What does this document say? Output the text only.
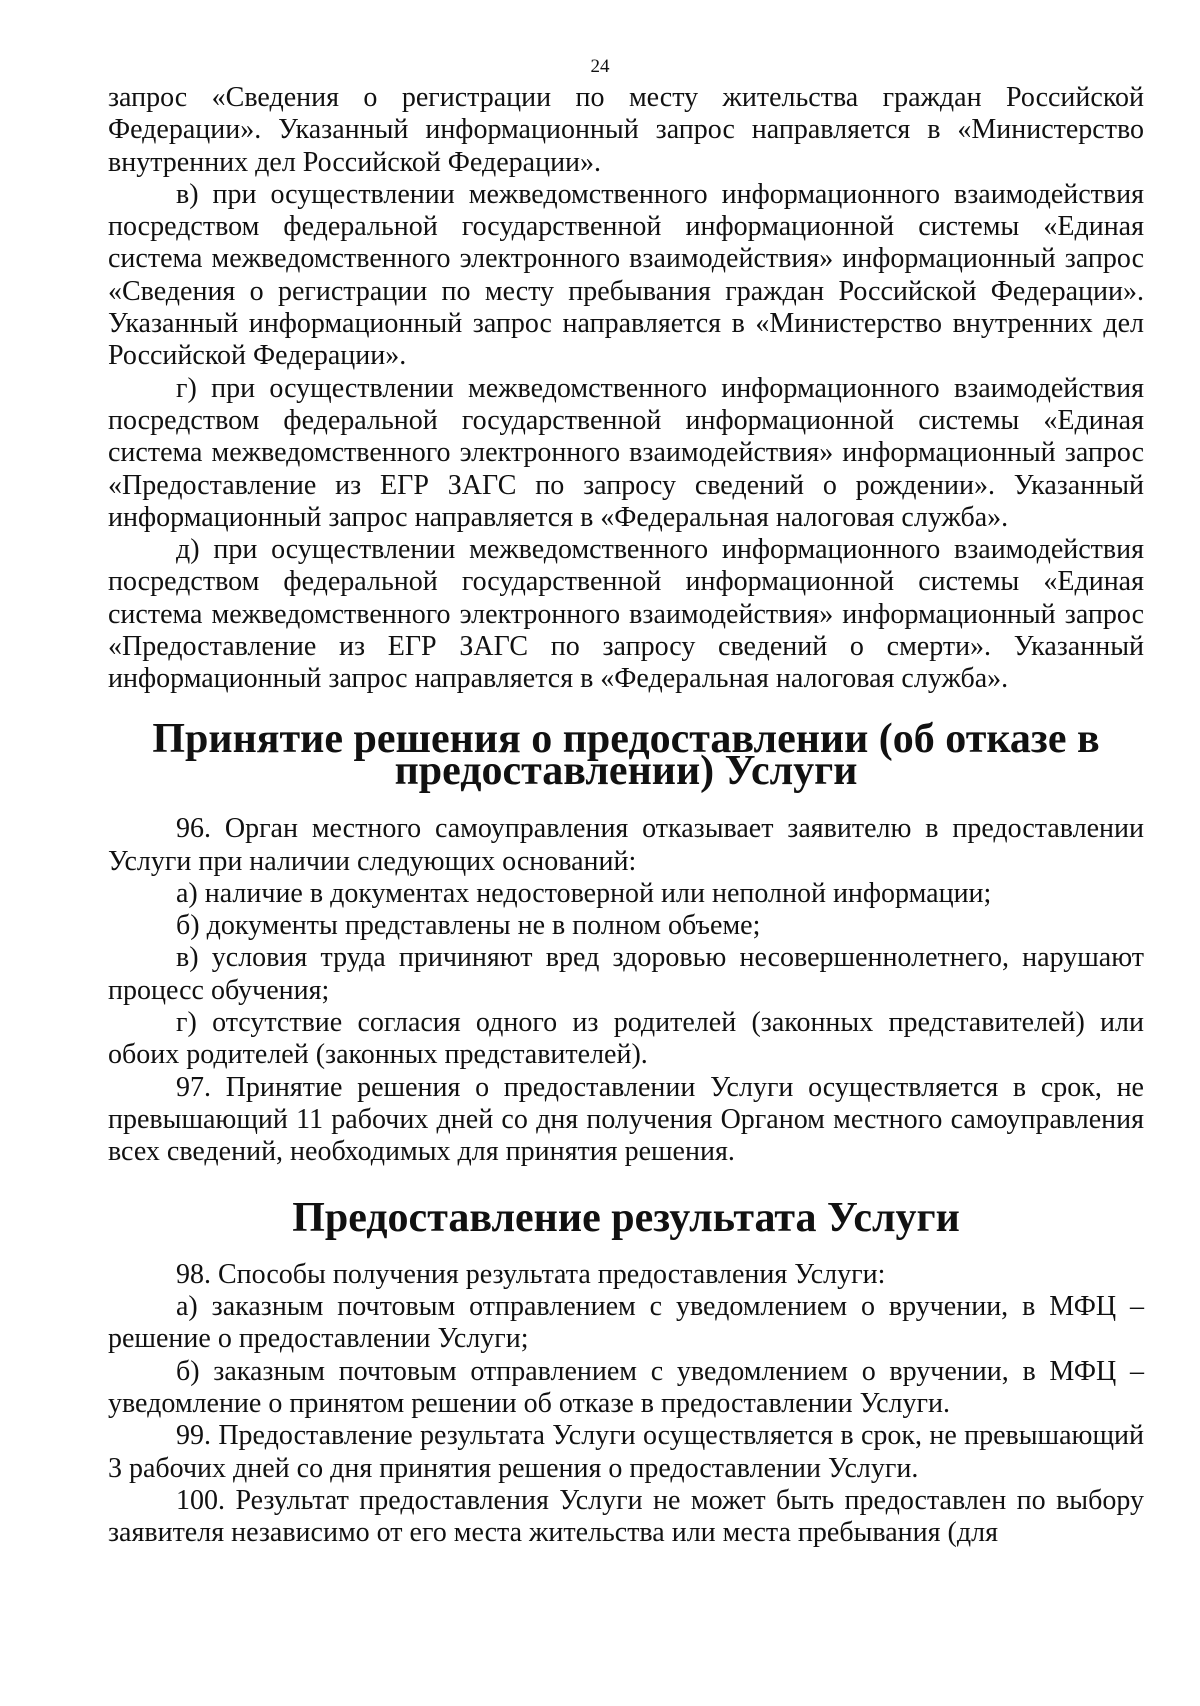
24

запрос «Сведения о регистрации по месту жительства граждан Российской Федерации». Указанный информационный запрос направляется в «Министерство внутренних дел Российской Федерации».

в) при осуществлении межведомственного информационного взаимодействия посредством федеральной государственной информационной системы «Единая система межведомственного электронного взаимодействия» информационный запрос «Сведения о регистрации по месту пребывания граждан Российской Федерации». Указанный информационный запрос направляется в «Министерство внутренних дел Российской Федерации».

г) при осуществлении межведомственного информационного взаимодействия посредством федеральной государственной информационной системы «Единая система межведомственного электронного взаимодействия» информационный запрос «Предоставление из ЕГР ЗАГС по запросу сведений о рождении». Указанный информационный запрос направляется в «Федеральная налоговая служба».

д) при осуществлении межведомственного информационного взаимодействия посредством федеральной государственной информационной системы «Единая система межведомственного электронного взаимодействия» информационный запрос «Предоставление из ЕГР ЗАГС по запросу сведений о смерти». Указанный информационный запрос направляется в «Федеральная налоговая служба».

Принятие решения о предоставлении (об отказе в предоставлении) Услуги

96. Орган местного самоуправления отказывает заявителю в предоставлении Услуги при наличии следующих оснований:

а) наличие в документах недостоверной или неполной информации;

б) документы представлены не в полном объеме;

в) условия труда причиняют вред здоровью несовершеннолетнего, нарушают процесс обучения;

г) отсутствие согласия одного из родителей (законных представителей) или обоих родителей (законных представителей).

97. Принятие решения о предоставлении Услуги осуществляется в срок, не превышающий 11 рабочих дней со дня получения Органом местного самоуправления всех сведений, необходимых для принятия решения.

Предоставление результата Услуги

98. Способы получения результата предоставления Услуги:

а) заказным почтовым отправлением с уведомлением о вручении, в МФЦ – решение о предоставлении Услуги;

б) заказным почтовым отправлением с уведомлением о вручении, в МФЦ – уведомление о принятом решении об отказе в предоставлении Услуги.

99. Предоставление результата Услуги осуществляется в срок, не превышающий 3 рабочих дней со дня принятия решения о предоставлении Услуги.

100. Результат предоставления Услуги не может быть предоставлен по выбору заявителя независимо от его места жительства или места пребывания (для
